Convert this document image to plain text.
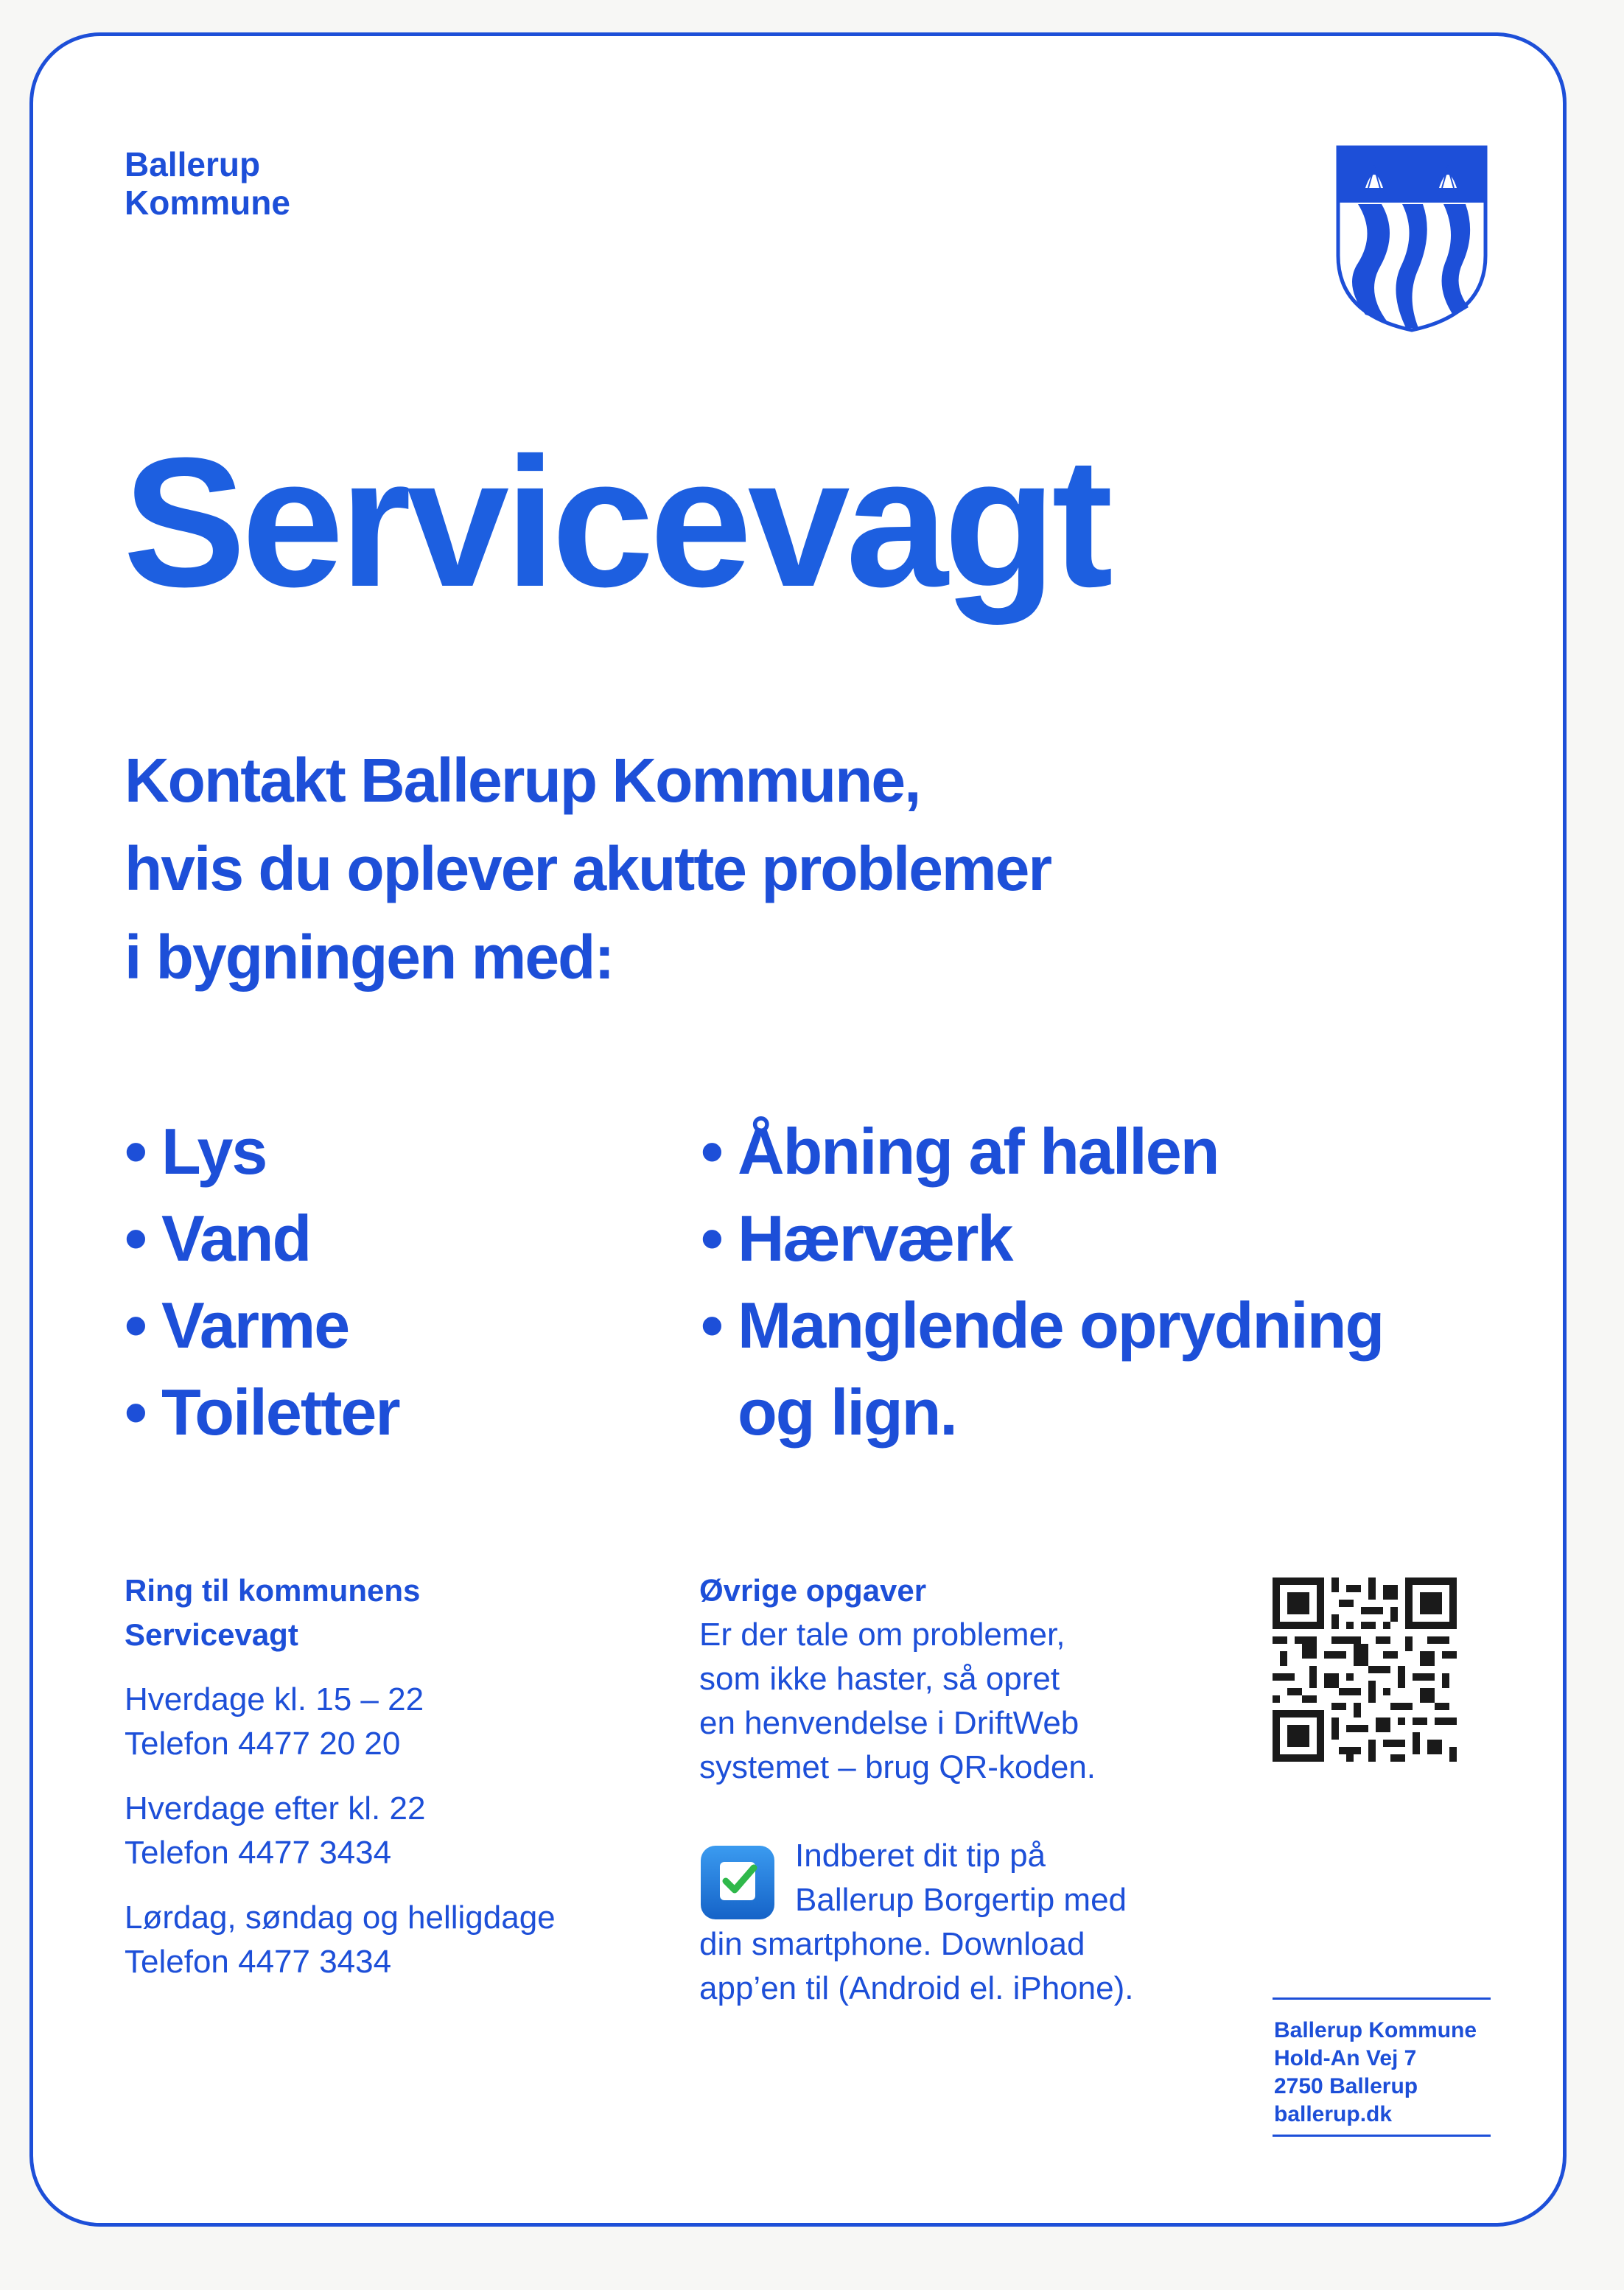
Ballerup
Kommune
Servicevagt
Kontakt Ballerup Kommune,
hvis du oplever akutte problemer
i bygningen med:
• Lys
• Vand
• Varme
• Toiletter
• Åbning af hallen
• Hærværk
• Manglende oprydning
og lign.
Ring til kommunens
Servicevagt
Hverdage kl. 15 – 22
Telefon 4477 20 20
Hverdage efter kl. 22
Telefon 4477 3434
Lørdag, søndag og helligdage
Telefon 4477 3434
Øvrige opgaver
Er der tale om problemer,
som ikke haster, så opret
en henvendelse i DriftWeb
systemet – brug QR-koden.
Indberet dit tip på
Ballerup Borgertip med
din smartphone. Download
app’en til (Android el. iPhone).
Ballerup Kommune
Hold-An Vej 7
2750 Ballerup
ballerup.dk
